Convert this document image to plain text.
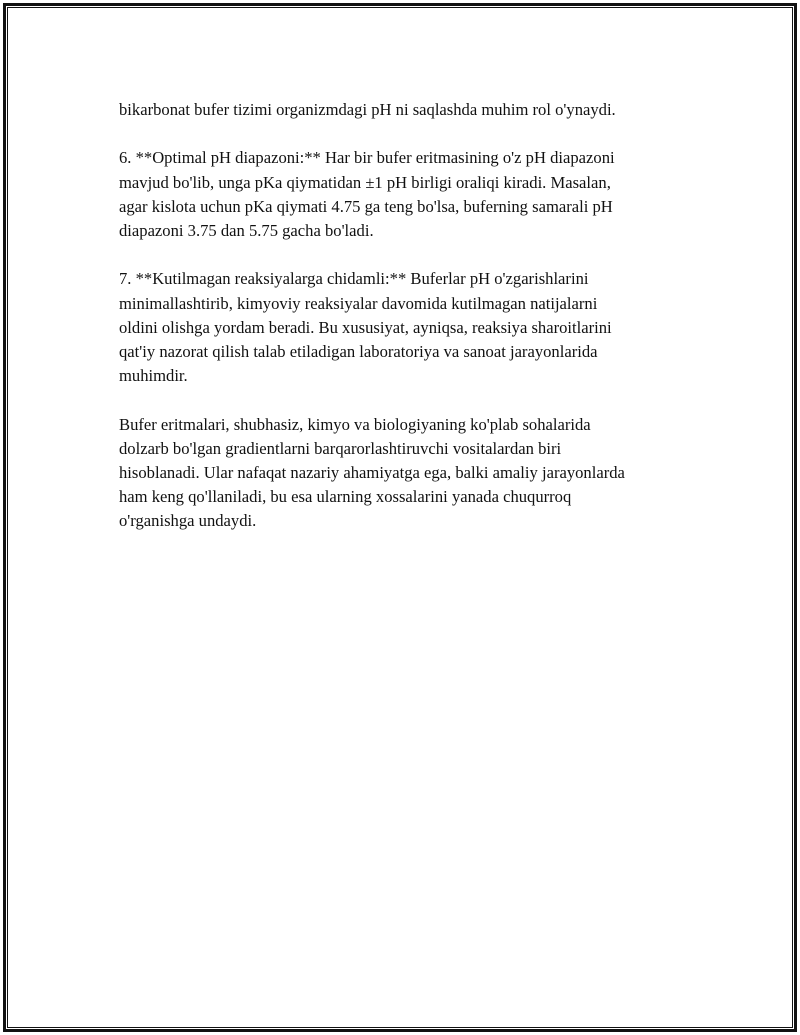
bikarbonat bufer tizimi organizmdagi pH ni saqlashda muhim rol o'ynaydi.

6. **Optimal pH diapazoni:** Har bir bufer eritmasining o'z pH diapazoni
mavjud bo'lib, unga pKa qiymatidan ±1 pH birligi oraliqi kiradi. Masalan,
agar kislota uchun pKa qiymati 4.75 ga teng bo'lsa, buferning samarali pH
diapazoni 3.75 dan 5.75 gacha bo'ladi.

7. **Kutilmagan reaksiyalarga chidamli:** Buferlar pH o'zgarishlarini
minimallashtirib, kimyoviy reaksiyalar davomida kutilmagan natijalarni
oldini olishga yordam beradi. Bu xususiyat, ayniqsa, reaksiya sharoitlarini
qat'iy nazorat qilish talab etiladigan laboratoriya va sanoat jarayonlarida
muhimdir.

Bufer eritmalari, shubhasiz, kimyo va biologiyaning ko'plab sohalarida
dolzarb bo'lgan gradientlarni barqarorlashtiruvchi vositalardan biri
hisoblanadi. Ular nafaqat nazariy ahamiyatga ega, balki amaliy jarayonlarda
ham keng qo'llaniladi, bu esa ularning xossalarini yanada chuqurroq
o'rganishga undaydi.
